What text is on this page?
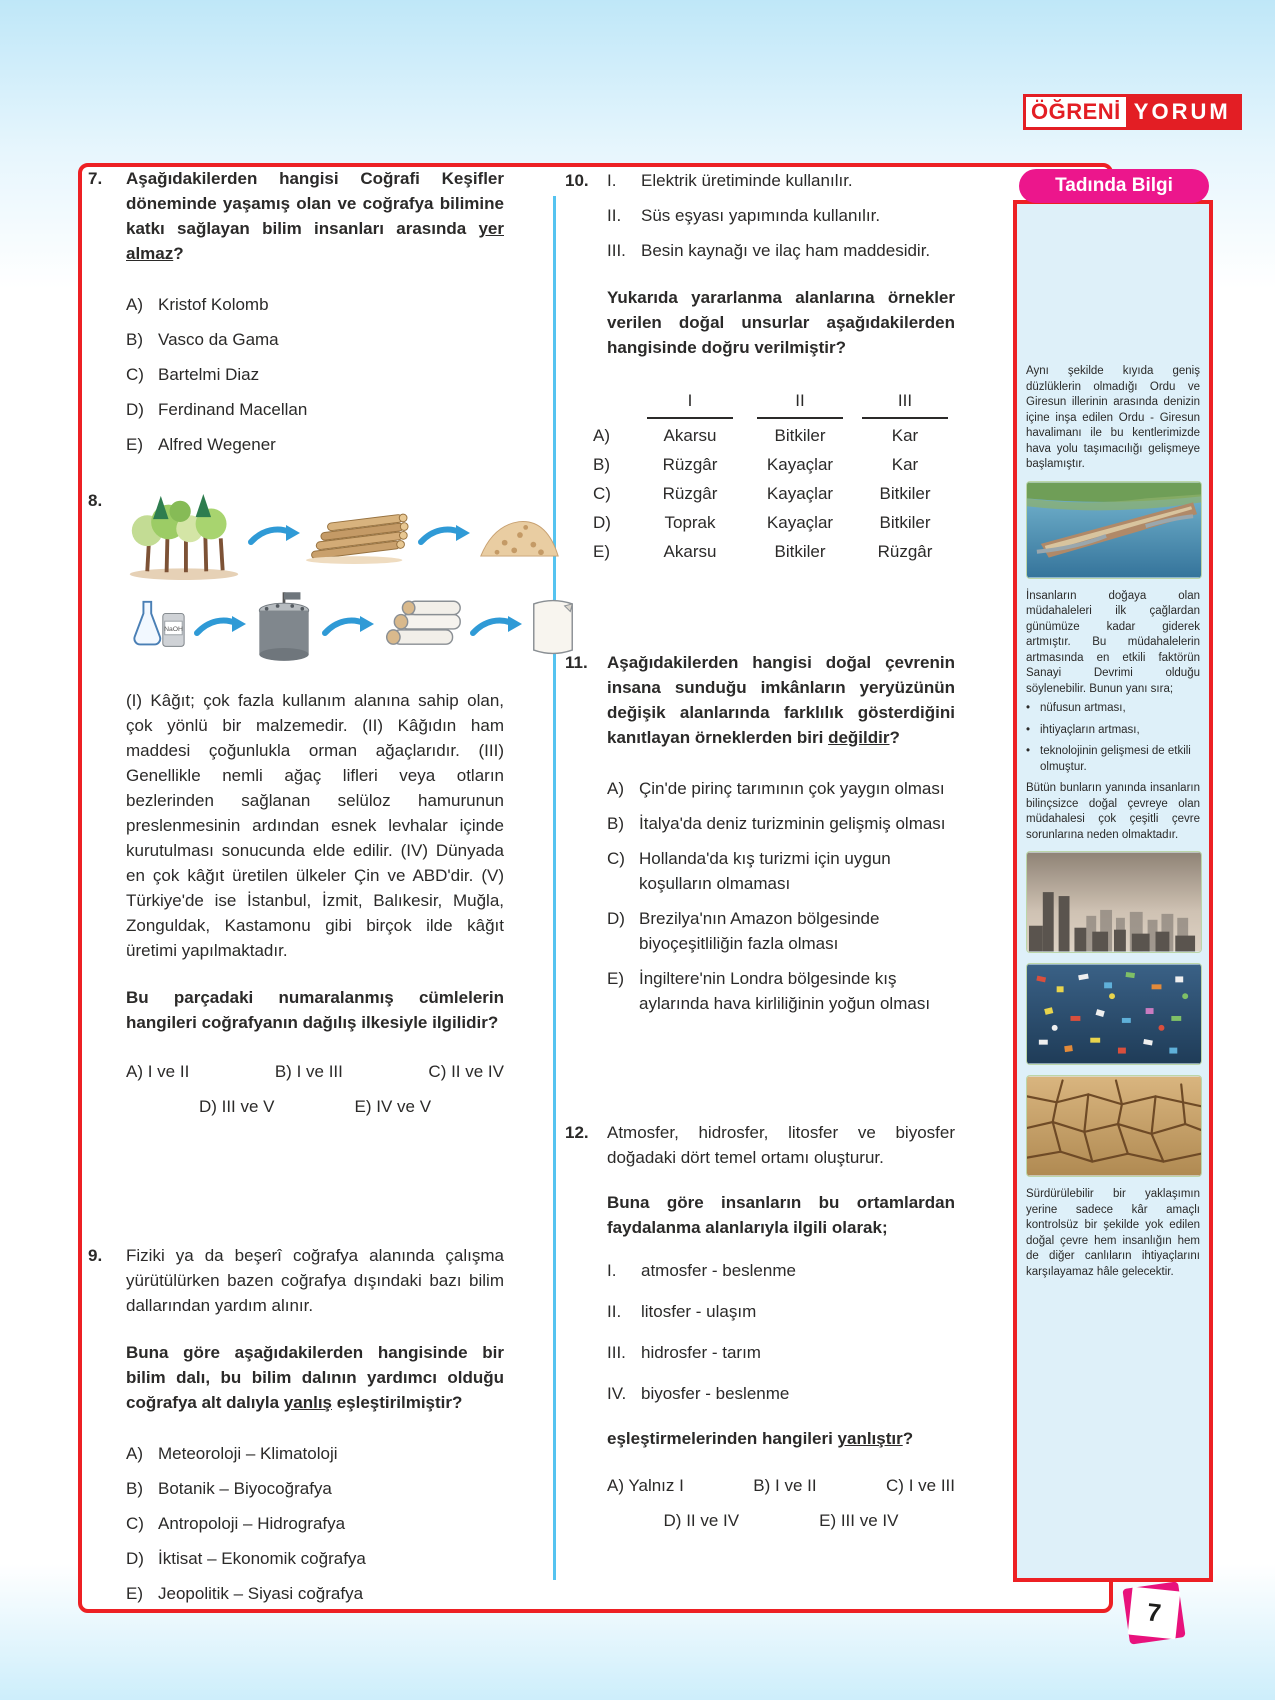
ÖĞRENİ YORUM
7.	Aşağıdakilerden hangisi Coğrafi Keşifler döneminde yaşamış olan ve coğrafya bilimine katkı sağlayan bilim insanları arasında yer almaz?
A) Kristof Kolomb
B) Vasco da Gama
C) Bartelmi Diaz
D) Ferdinand Macellan
E) Alfred Wegener
8.
NaOH
(I) Kâğıt; çok fazla kullanım alanına sahip olan, çok yönlü bir malzemedir. (II) Kâğıdın ham maddesi çoğunlukla orman ağaçlarıdır. (III) Genellikle nemli ağaç lifleri veya otların bezlerinden sağlanan selüloz hamurunun preslenmesinin ardından esnek levhalar içinde kurutulması sonucunda elde edilir. (IV) Dünyada en çok kâğıt üretilen ülkeler Çin ve ABD'dir. (V) Türkiye'de ise İstanbul, İzmit, Balıkesir, Muğla, Zonguldak, Kastamonu gibi birçok ilde kâğıt üretimi yapılmaktadır.
Bu parçadaki numaralanmış cümlelerin hangileri coğrafyanın dağılış ilkesiyle ilgilidir?
A) I ve II	B) I ve III	C) II ve IV
D) III ve V	E) IV ve V
9.	Fiziki ya da beşerî coğrafya alanında çalışma yürütülürken bazen coğrafya dışındaki bazı bilim dallarından yardım alınır.
Buna göre aşağıdakilerden hangisinde bir bilim dalı, bu bilim dalının yardımcı olduğu coğrafya alt dalıyla yanlış eşleştirilmiştir?
A) Meteoroloji – Klimatoloji
B) Botanik – Biyocoğrafya
C) Antropoloji – Hidrografya
D) İktisat – Ekonomik coğrafya
E) Jeopolitik – Siyasi coğrafya
10.	I.	Elektrik üretiminde kullanılır.
II.	Süs eşyası yapımında kullanılır.
III. Besin kaynağı ve ilaç ham maddesidir.
Yukarıda yararlanma alanlarına örnekler verilen doğal unsurlar aşağıdakilerden hangisinde doğru verilmiştir?
I	II	III
A)	Akarsu	Bitkiler	Kar
B)	Rüzgâr	Kayaçlar	Kar
C)	Rüzgâr	Kayaçlar	Bitkiler
D)	Toprak	Kayaçlar	Bitkiler
E)	Akarsu	Bitkiler	Rüzgâr
11.	Aşağıdakilerden hangisi doğal çevrenin insana sunduğu imkânların yeryüzünün değişik alanlarında farklılık gösterdiğini kanıtlayan örneklerden biri değildir?
A) Çin'de pirinç tarımının çok yaygın olması
B) İtalya'da deniz turizminin gelişmiş olması
C) Hollanda'da kış turizmi için uygun koşulların olmaması
D) Brezilya'nın Amazon bölgesinde biyoçeşitliliğin fazla olması
E) İngiltere'nin Londra bölgesinde kış aylarında hava kirliliğinin yoğun olması
12.	Atmosfer, hidrosfer, litosfer ve biyosfer doğadaki dört temel ortamı oluşturur.
Buna göre insanların bu ortamlardan faydalanma alanlarıyla ilgili olarak;
I.	atmosfer - beslenme
II.	litosfer - ulaşım
III. hidrosfer - tarım
IV. biyosfer - beslenme
eşleştirmelerinden hangileri yanlıştır?
A) Yalnız I	B) I ve II	C) I ve III
D) II ve IV	E) III ve IV
Aynı şekilde kıyıda geniş düzlüklerin olmadığı Ordu ve Giresun illerinin arasında denizin içine inşa edilen Ordu - Giresun havalimanı ile bu kentlerimizde hava yolu taşımacılığı gelişmeye başlamıştır.
İnsanların doğaya olan müdahaleleri ilk çağlardan günümüze kadar giderek artmıştır. Bu müdahalelerin artmasında en etkili faktörün Sanayi Devrimi olduğu söylenebilir. Bunun yanı sıra;
• nüfusun artması,
• ihtiyaçların artması,
• teknolojinin gelişmesi de etkili olmuştur.
Bütün bunların yanında insanların bilinçsizce doğal çevreye olan müdahalesi çok çeşitli çevre sorunlarına neden olmaktadır.
Sürdürülebilir bir yaklaşımın yerine sadece kâr amaçlı kontrolsüz bir şekilde yok edilen doğal çevre hem insanlığın hem de diğer canlıların ihtiyaçlarını karşılayamaz hâle gelecektir.
Tadında Bilgi
7
